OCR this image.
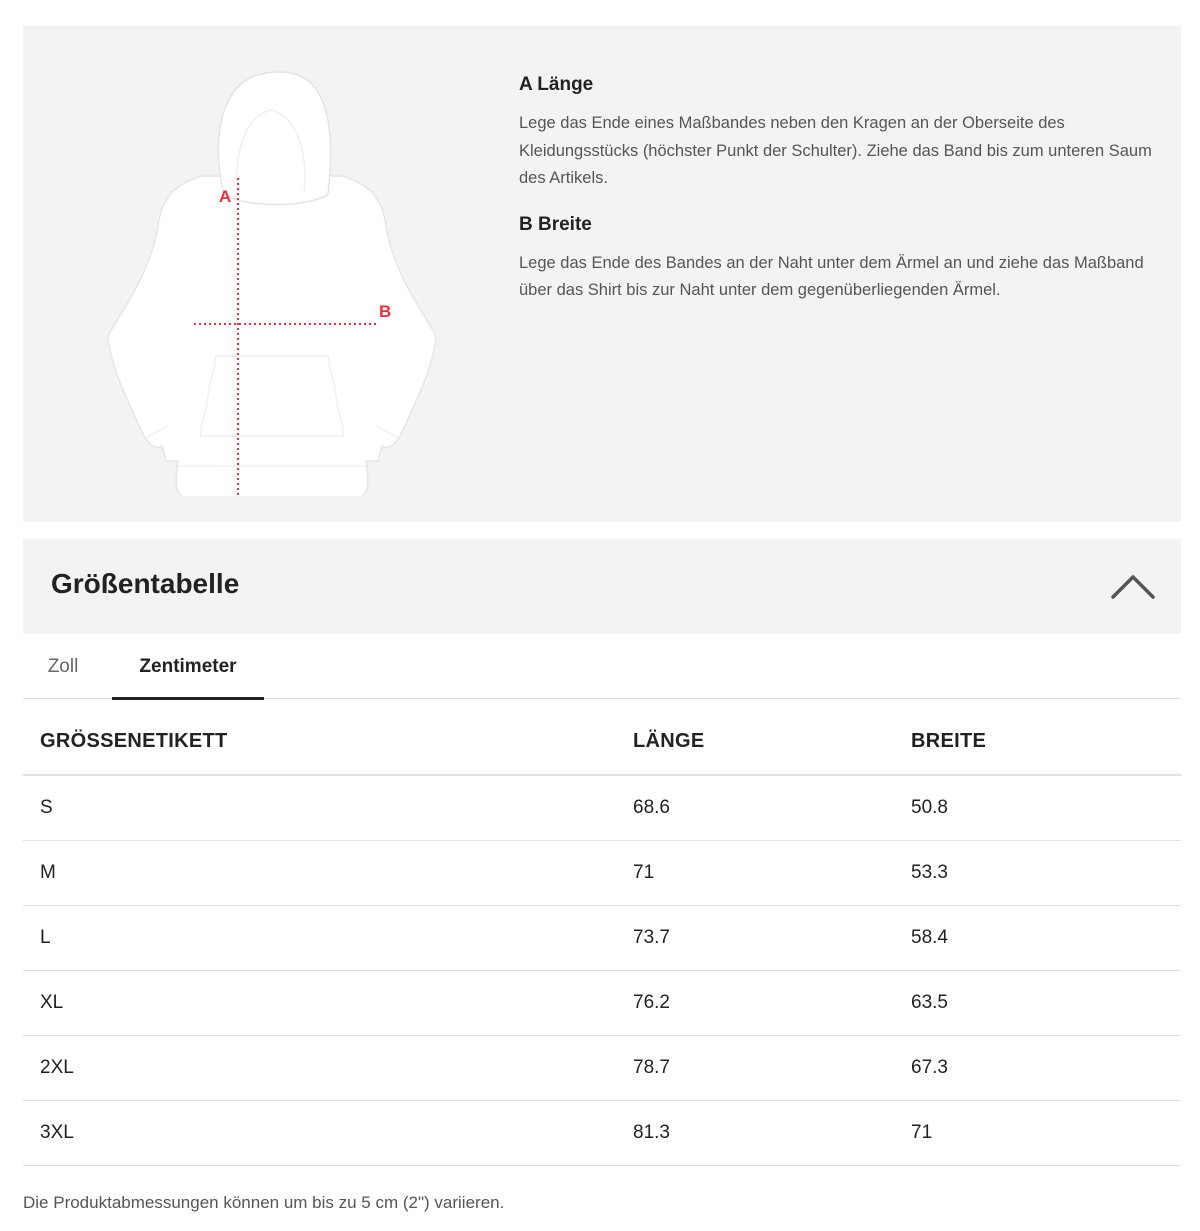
A
B
A Länge

Lege das Ende eines Maßbandes neben den Kragen an der Oberseite des Kleidungsstücks (höchster Punkt der Schulter). Ziehe das Band bis zum unteren Saum des Artikels.

B Breite

Lege das Ende des Bandes an der Naht unter dem Ärmel an und ziehe das Maßband über das Shirt bis zur Naht unter dem gegenüberliegenden Ärmel.

Größentabelle
Zoll	Zentimeter
GRÖSSENETIKETT	LÄNGE	BREITE
S	68.6	50.8
M	71	53.3
L	73.7	58.4
XL	76.2	63.5
2XL	78.7	67.3
3XL	81.3	71
Die Produktabmessungen können um bis zu 5 cm (2") variieren.
